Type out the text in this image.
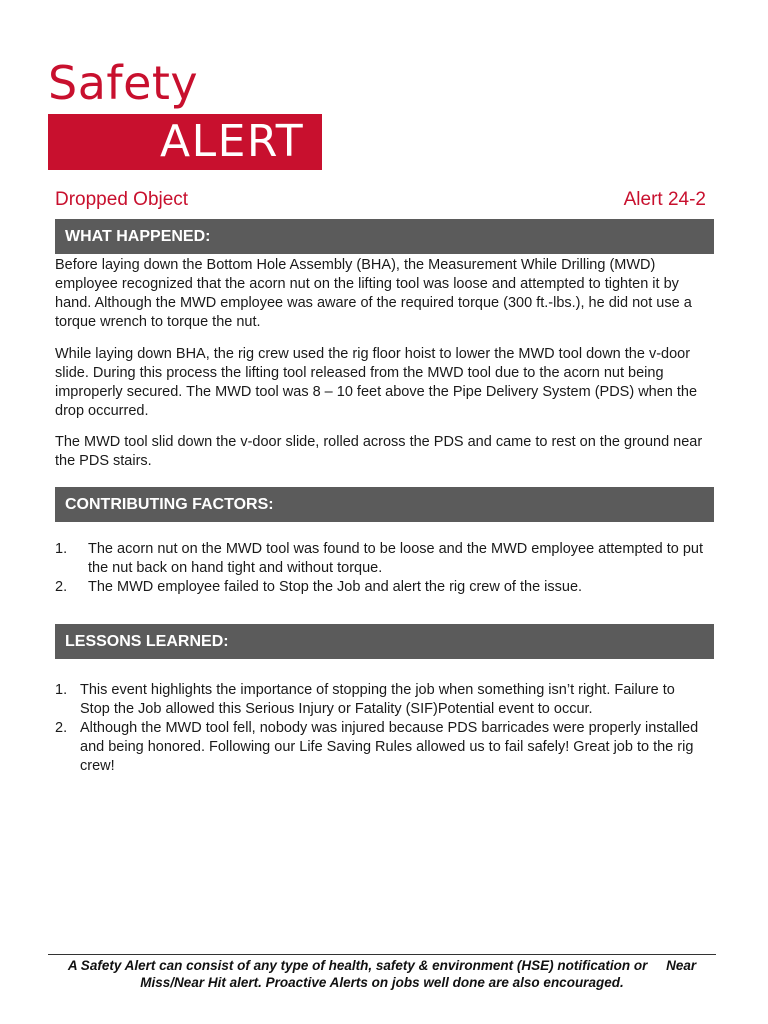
Safety
ALERT
Dropped Object	Alert 24-2
WHAT HAPPENED:

Before laying down the Bottom Hole Assembly (BHA), the Measurement While Drilling (MWD) employee recognized that the acorn nut on the lifting tool was loose and attempted to tighten it by hand. Although the MWD employee was aware of the required torque (300 ft.-lbs.), he did not use a torque wrench to torque the nut.

While laying down BHA, the rig crew used the rig floor hoist to lower the MWD tool down the v-door slide. During this process the lifting tool released from the MWD tool due to the acorn nut being improperly secured. The MWD tool was 8 – 10 feet above the Pipe Delivery System (PDS) when the drop occurred.

The MWD tool slid down the v-door slide, rolled across the PDS and came to rest on the ground near the PDS stairs.

CONTRIBUTING FACTORS:
1. The acorn nut on the MWD tool was found to be loose and the MWD employee attempted to put the nut back on hand tight and without torque.
2. The MWD employee failed to Stop the Job and alert the rig crew of the issue.
LESSONS LEARNED:
1. This event highlights the importance of stopping the job when something isn’t right. Failure to Stop the Job allowed this Serious Injury or Fatality (SIF)Potential event to occur.
2. Although the MWD tool fell, nobody was injured because PDS barricades were properly installed and being honored. Following our Life Saving Rules allowed us to fail safely! Great job to the rig crew!
A Safety Alert can consist of any type of health, safety & environment (HSE) notification or     Near
Miss/Near Hit alert. Proactive Alerts on jobs well done are also encouraged.
